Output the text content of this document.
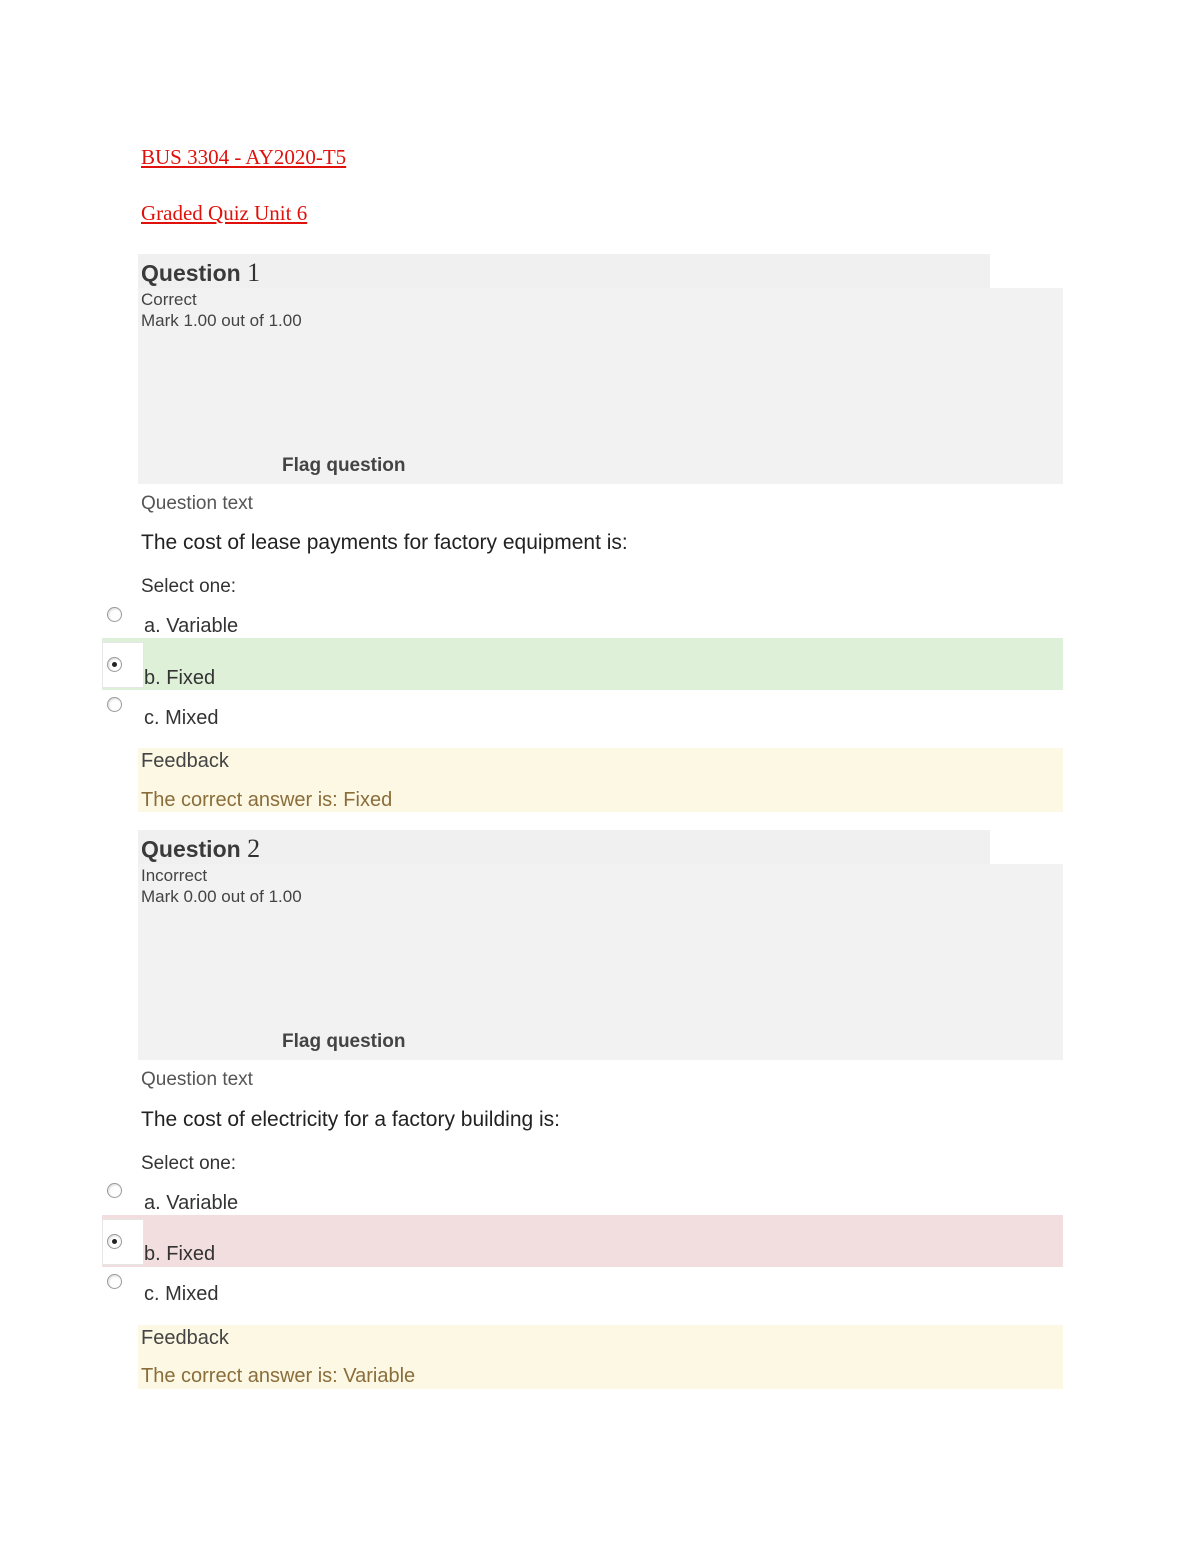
BUS 3304 - AY2020-T5
Graded Quiz Unit 6
Question 1
Correct
Mark 1.00 out of 1.00
Flag question
Question text
The cost of lease payments for factory equipment is:
Select one:
a. Variable
b. Fixed
c. Mixed
Feedback
The correct answer is: Fixed
Question 2
Incorrect
Mark 0.00 out of 1.00
Flag question
Question text
The cost of electricity for a factory building is:
Select one:
a. Variable
b. Fixed
c. Mixed
Feedback
The correct answer is: Variable
